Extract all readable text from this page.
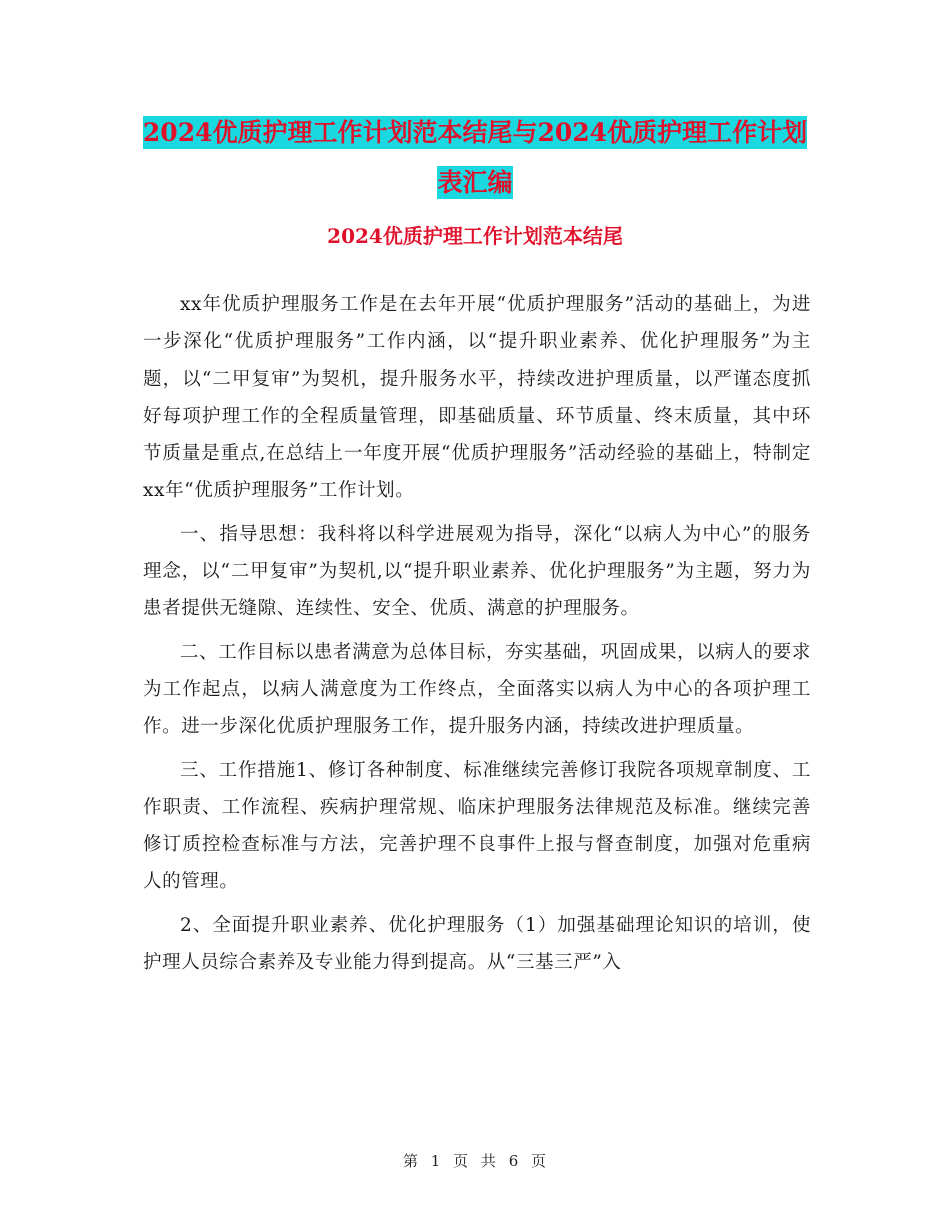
2024优质护理工作计划范本结尾与2024优质护理工作计划表汇编
2024优质护理工作计划范本结尾

xx年优质护理服务工作是在去年开展“优质护理服务”活动的基础上，为进一步深化“优质护理服务”工作内涵，以“提升职业素养、优化护理服务”为主题，以“二甲复审”为契机，提升服务水平，持续改进护理质量，以严谨态度抓好每项护理工作的全程质量管理，即基础质量、环节质量、终末质量，其中环节质量是重点,在总结上一年度开展“优质护理服务”活动经验的基础上，特制定xx年“优质护理服务”工作计划。

一、指导思想：我科将以科学进展观为指导，深化“以病人为中心”的服务理念，以“二甲复审”为契机,以“提升职业素养、优化护理服务”为主题，努力为患者提供无缝隙、连续性、安全、优质、满意的护理服务。

二、工作目标以患者满意为总体目标，夯实基础，巩固成果，以病人的要求为工作起点，以病人满意度为工作终点，全面落实以病人为中心的各项护理工作。进一步深化优质护理服务工作，提升服务内涵，持续改进护理质量。

三、工作措施1、修订各种制度、标准继续完善修订我院各项规章制度、工作职责、工作流程、疾病护理常规、临床护理服务法律规范及标准。继续完善修订质控检查标准与方法，完善护理不良事件上报与督查制度，加强对危重病人的管理。

2、全面提升职业素养、优化护理服务（1）加强基础理论知识的培训，使护理人员综合素养及专业能力得到提高。从“三基三严”入

第 1 页 共 6 页
